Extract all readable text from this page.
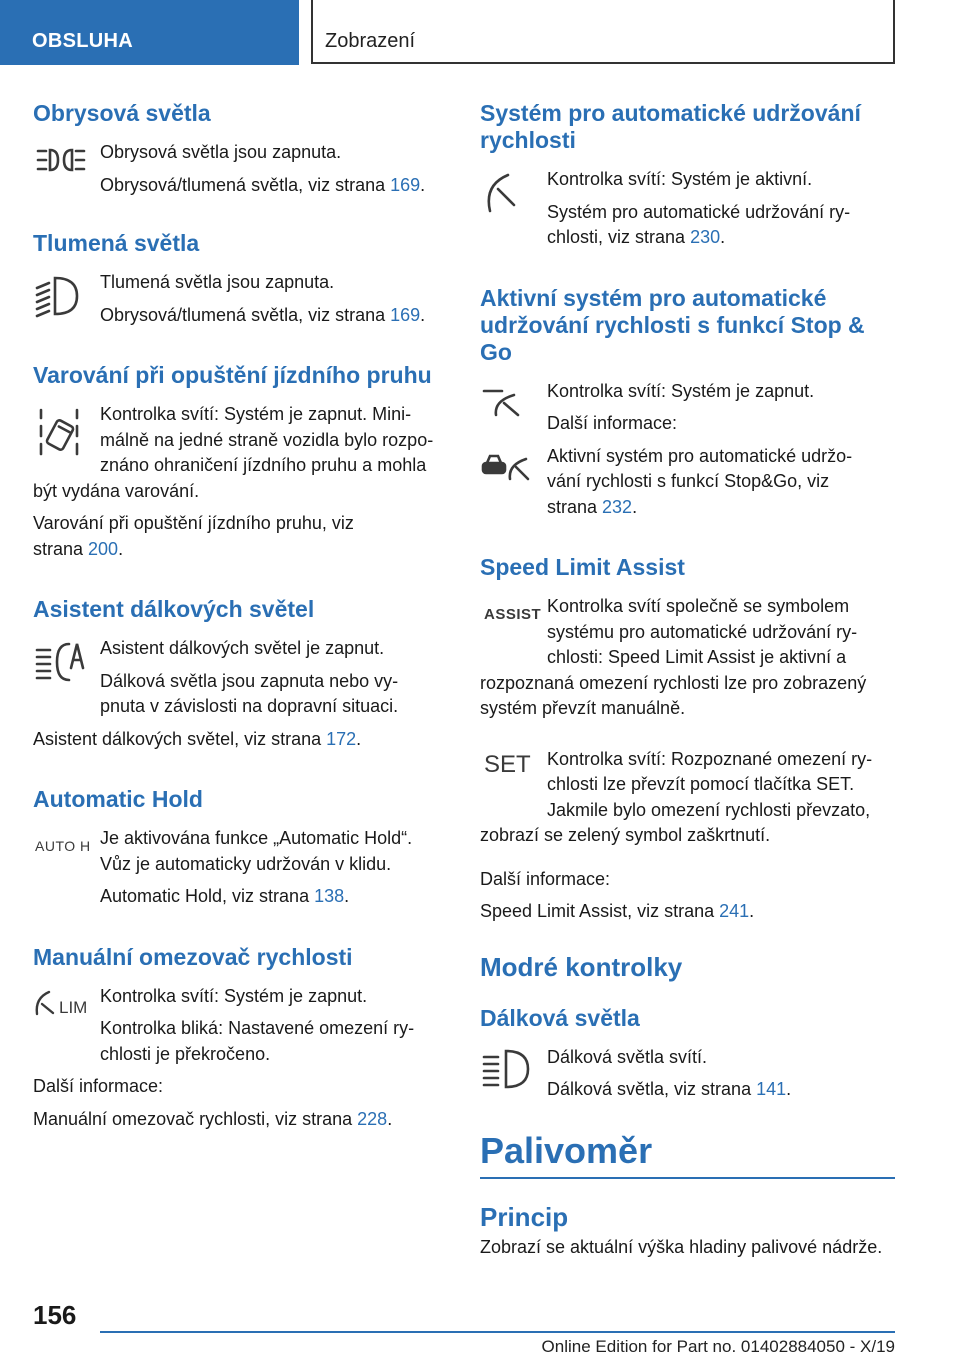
OBSLUHA	Zobrazení
Obrysová světla

Obrysová světla jsou zapnuta.

Obrysová/tlumená světla, viz strana 169.

Tlumená světla

Tlumená světla jsou zapnuta.

Obrysová/tlumená světla, viz strana 169.

Varování při opuštění jízdního pruhu

Kontrolka svítí: Systém je zapnut. Mini‐

málně na jedné straně vozidla bylo rozpo‐

znáno ohraničení jízdního pruhu a mohla

být vydána varování.

Varování při opuštění jízdního pruhu, viz

strana 200.

Asistent dálkových světel

Asistent dálkových světel je zapnut.

Dálková světla jsou zapnuta nebo vy‐

pnuta v závislosti na dopravní situaci.

Asistent dálkových světel, viz strana 172.

Automatic Hold
AUTO H Je aktivována funkce „Automatic Hold“.

Vůz je automaticky udržován v klidu.

Automatic Hold, viz strana 138.

Manuální omezovač rychlosti
LIM

Kontrolka svítí: Systém je zapnut.

Kontrolka bliká: Nastavené omezení ry‐

chlosti je překročeno.

Další informace:

Manuální omezovač rychlosti, viz strana 228.

Systém pro automatické udržování
rychlosti

Kontrolka svítí: Systém je aktivní.

Systém pro automatické udržování ry‐

chlosti, viz strana 230.

Aktivní systém pro automatické
udržování rychlosti s funkcí Stop &
Go

Kontrolka svítí: Systém je zapnut.

Další informace:

Aktivní systém pro automatické udržo‐

vání rychlosti s funkcí Stop&Go, viz

strana 232.

Speed Limit Assist
ASSIST Kontrolka svítí společně se symbolem

systému pro automatické udržování ry‐

chlosti: Speed Limit Assist je aktivní a

rozpoznaná omezení rychlosti lze pro zobrazený

systém převzít manuálně.

SET Kontrolka svítí: Rozpoznané omezení ry‐

chlosti lze převzít pomocí tlačítka SET.

Jakmile bylo omezení rychlosti převzato,

zobrazí se zelený symbol zaškrtnutí.

Další informace:

Speed Limit Assist, viz strana 241.

Modré kontrolky
Dálková světla

Dálková světla svítí.

Dálková světla, viz strana 141.

Palivoměr
Princip

Zobrazí se aktuální výška hladiny palivové nádrže.

156
Online Edition for Part no. 01402884050 - X/19
